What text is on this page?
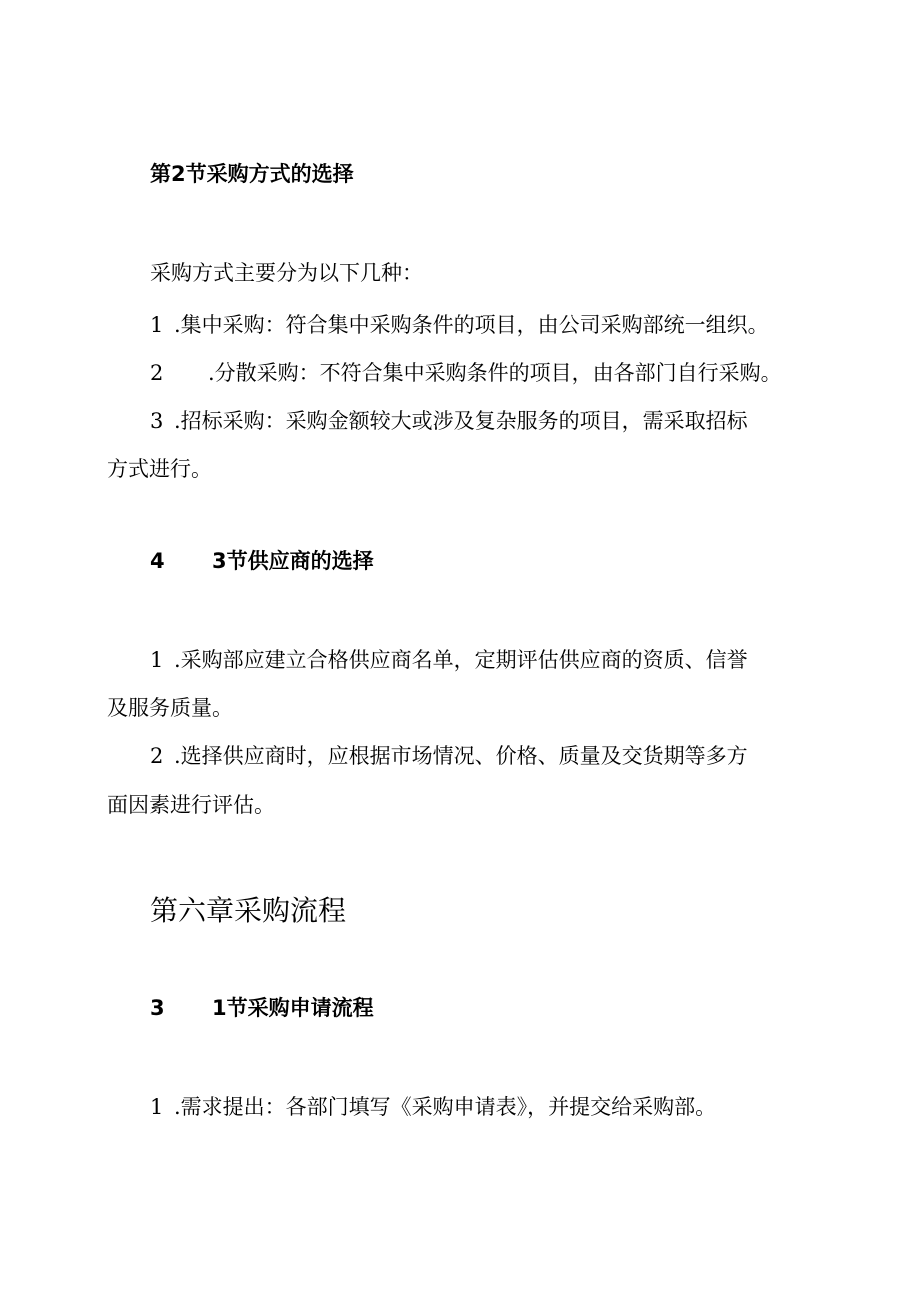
第2节采购方式的选择
采购方式主要分为以下几种：
1 .集中采购：符合集中采购条件的项目，由公司采购部统一组织。
2 .分散采购：不符合集中采购条件的项目，由各部门自行采购。
3 .招标采购：采购金额较大或涉及复杂服务的项目，需采取招标
方式进行。
4 3节供应商的选择
1 .采购部应建立合格供应商名单，定期评估供应商的资质、信誉
及服务质量。
2 .选择供应商时，应根据市场情况、价格、质量及交货期等多方
面因素进行评估。
第六章采购流程
3 1节采购申请流程
1 .需求提出：各部门填写《采购申请表》，并提交给采购部。
